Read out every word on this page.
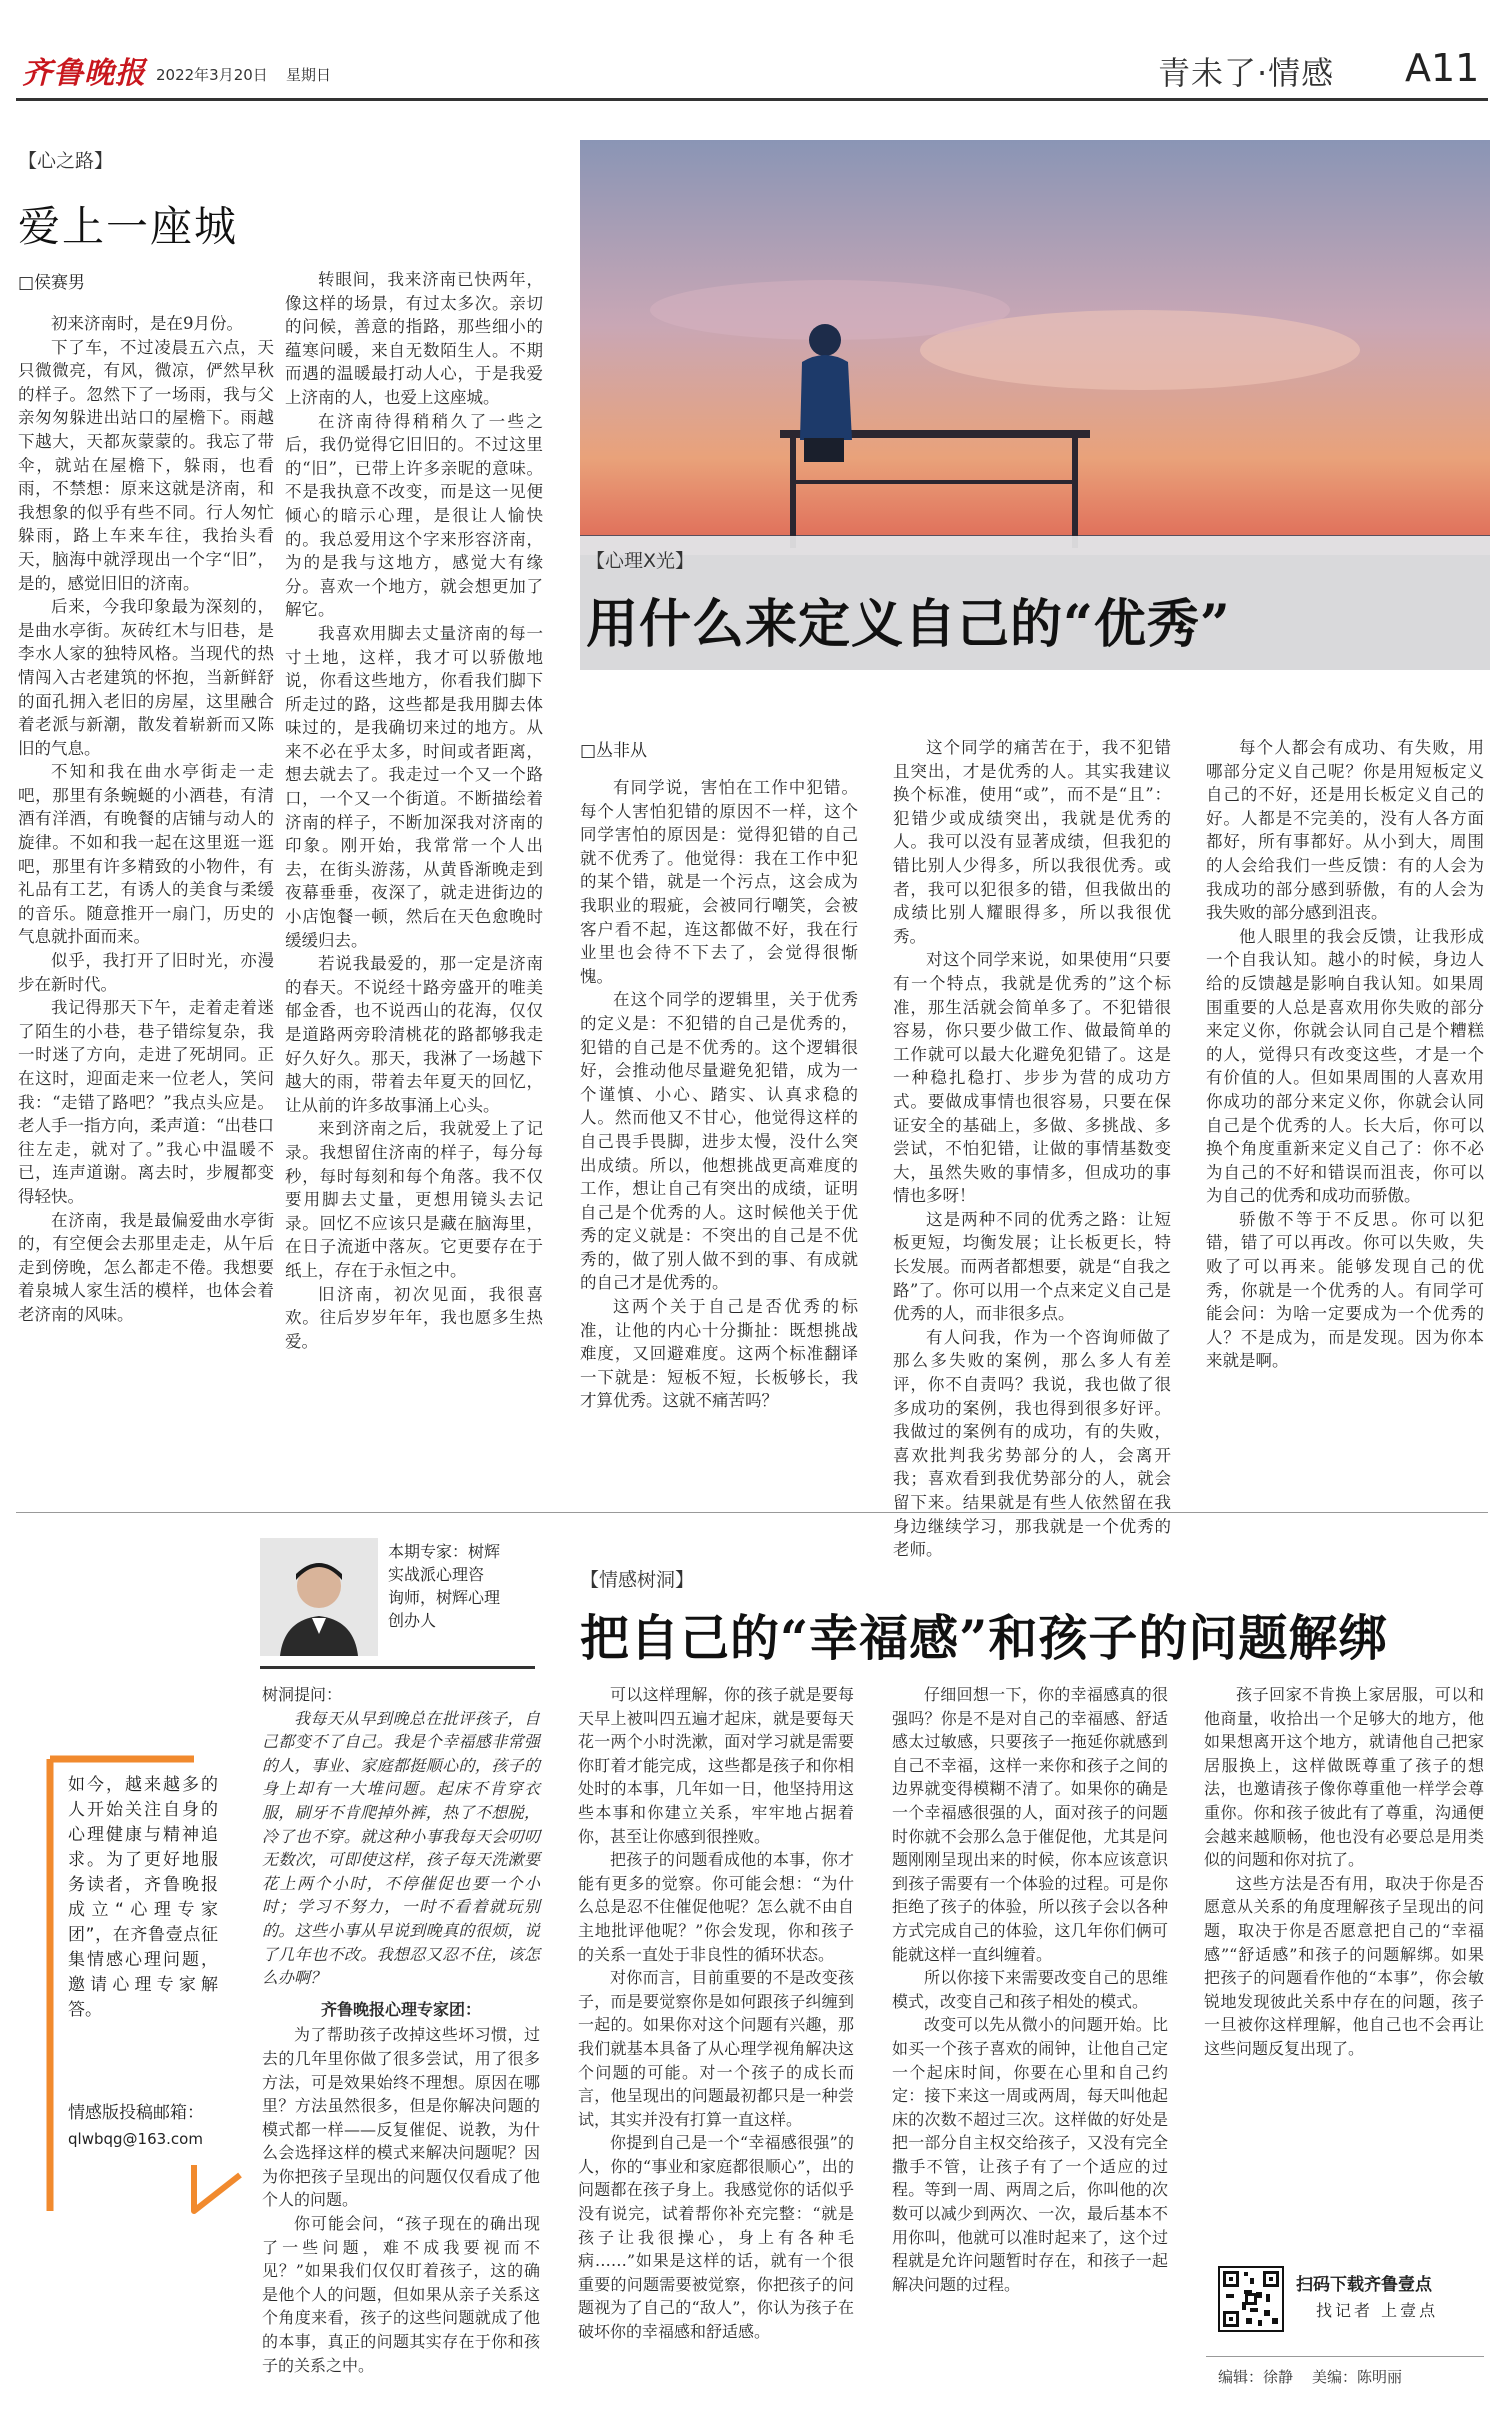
齐鲁晚报 2022年3月20日 星期日	青未了·情感 A11
【心之路】
爱上一座城
□侯赛男

初来济南时，是在9月份。

下了车，不过凌晨五六点，天只微微亮，有风，微凉，俨然早秋的样子。忽然下了一场雨，我与父亲匆匆躲进出站口的屋檐下。雨越下越大，天都灰蒙蒙的。我忘了带伞，就站在屋檐下，躲雨，也看雨，不禁想：原来这就是济南，和我想象的似乎有些不同。行人匆忙躲雨，路上车来车往，我抬头看天，脑海中就浮现出一个字“旧”，是的，感觉旧旧的济南。

后来，今我印象最为深刻的，是曲水亭街。灰砖红木与旧巷，是李水人家的独特风格。当现代的热情闯入古老建筑的怀抱，当新鲜舒的面孔拥入老旧的房屋，这里融合着老派与新潮，散发着崭新而又陈旧的气息。

不知和我在曲水亭街走一走吧，那里有条蜿蜒的小酒巷，有清酒有洋酒，有晚餐的店铺与动人的旋律。不如和我一起在这里逛一逛吧，那里有许多精致的小物件，有礼品有工艺，有诱人的美食与柔缓的音乐。随意推开一扇门，历史的气息就扑面而来。

似乎，我打开了旧时光，亦漫步在新时代。

我记得那天下午，走着走着迷了陌生的小巷，巷子错综复杂，我一时迷了方向，走进了死胡同。正在这时，迎面走来一位老人，笑问我：“走错了路吧？”我点头应是。老人手一指方向，柔声道：“出巷口往左走，就对了。”我心中温暖不已，连声道谢。离去时，步履都变得轻快。

在济南，我是最偏爱曲水亭街的，有空便会去那里走走，从午后走到傍晚，怎么都走不倦。我想要着泉城人家生活的模样，也体会着老济南的风味。

转眼间，我来济南已快两年，像这样的场景，有过太多次。亲切的问候，善意的指路，那些细小的蕴寒问暖，来自无数陌生人。不期而遇的温暖最打动人心，于是我爱上济南的人，也爱上这座城。

在济南待得稍稍久了一些之后，我仍觉得它旧旧的。不过这里的“旧”，已带上许多亲昵的意味。不是我执意不改变，而是这一见便倾心的暗示心理，是很让人愉快的。我总爱用这个字来形容济南，为的是我与这地方，感觉大有缘分。喜欢一个地方，就会想更加了解它。

我喜欢用脚去丈量济南的每一寸土地，这样，我才可以骄傲地说，你看这些地方，你看我们脚下所走过的路，这些都是我用脚去体味过的，是我确切来过的地方。从来不必在乎太多，时间或者距离，想去就去了。我走过一个又一个路口，一个又一个街道。不断描绘着济南的样子，不断加深我对济南的印象。刚开始，我常常一个人出去，在街头游荡，从黄昏渐晚走到夜幕垂垂，夜深了，就走进街边的小店饱餐一顿，然后在天色愈晚时缓缓归去。

若说我最爱的，那一定是济南的春天。不说经十路旁盛开的唯美郁金香，也不说西山的花海，仅仅是道路两旁聆清桃花的路都够我走好久好久。那天，我淋了一场越下越大的雨，带着去年夏天的回忆，让从前的许多故事涌上心头。

来到济南之后，我就爱上了记录。我想留住济南的样子，每分每秒，每时每刻和每个角落。我不仅要用脚去丈量，更想用镜头去记录。回忆不应该只是藏在脑海里，在日子流逝中落灰。它更要存在于纸上，存在于永恒之中。

旧济南，初次见面，我很喜欢。往后岁岁年年，我也愿多生热爱。

【心理X光】
用什么来定义自己的“优秀”
□丛非从

有同学说，害怕在工作中犯错。每个人害怕犯错的原因不一样，这个同学害怕的原因是：觉得犯错的自己就不优秀了。他觉得：我在工作中犯的某个错，就是一个污点，这会成为我职业的瑕疵，会被同行嘲笑，会被客户看不起，连这都做不好，我在行业里也会待不下去了，会觉得很惭愧。

在这个同学的逻辑里，关于优秀的定义是：不犯错的自己是优秀的，犯错的自己是不优秀的。这个逻辑很好，会推动他尽量避免犯错，成为一个谨慎、小心、踏实、认真求稳的人。然而他又不甘心，他觉得这样的自己畏手畏脚，进步太慢，没什么突出成绩。所以，他想挑战更高难度的工作，想让自己有突出的成绩，证明自己是个优秀的人。这时候他关于优秀的定义就是：不突出的自己是不优秀的，做了别人做不到的事、有成就的自己才是优秀的。

这两个关于自己是否优秀的标准，让他的内心十分撕扯：既想挑战难度，又回避难度。这两个标准翻译一下就是：短板不短，长板够长，我才算优秀。这就不痛苦吗？

这个同学的痛苦在于，我不犯错且突出，才是优秀的人。其实我建议换个标准，使用“或”，而不是“且”：犯错少或成绩突出，我就是优秀的人。我可以没有显著成绩，但我犯的错比别人少得多，所以我很优秀。或者，我可以犯很多的错，但我做出的成绩比别人耀眼得多，所以我很优秀。

对这个同学来说，如果使用“只要有一个特点，我就是优秀的”这个标准，那生活就会简单多了。不犯错很容易，你只要少做工作、做最简单的工作就可以最大化避免犯错了。这是一种稳扎稳打、步步为营的成功方式。要做成事情也很容易，只要在保证安全的基础上，多做、多挑战、多尝试，不怕犯错，让做的事情基数变大，虽然失败的事情多，但成功的事情也多呀！

这是两种不同的优秀之路：让短板更短，均衡发展；让长板更长，特长发展。而两者都想要，就是“自我之路”了。你可以用一个点来定义自己是优秀的人，而非很多点。

有人问我，作为一个咨询师做了那么多失败的案例，那么多人有差评，你不自责吗？我说，我也做了很多成功的案例，我也得到很多好评。我做过的案例有的成功，有的失败，喜欢批判我劣势部分的人，会离开我；喜欢看到我优势部分的人，就会留下来。结果就是有些人依然留在我身边继续学习，那我就是一个优秀的老师。

每个人都会有成功、有失败，用哪部分定义自己呢？你是用短板定义自己的不好，还是用长板定义自己的好。人都是不完美的，没有人各方面都好，所有事都好。从小到大，周围的人会给我们一些反馈：有的人会为我成功的部分感到骄傲，有的人会为我失败的部分感到沮丧。

他人眼里的我会反馈，让我形成一个自我认知。越小的时候，身边人给的反馈越是影响自我认知。如果周围重要的人总是喜欢用你失败的部分来定义你，你就会认同自己是个糟糕的人，觉得只有改变这些，才是一个有价值的人。但如果周围的人喜欢用你成功的部分来定义你，你就会认同自己是个优秀的人。长大后，你可以换个角度重新来定义自己了：你不必为自己的不好和错误而沮丧，你可以为自己的优秀和成功而骄傲。

骄傲不等于不反思。你可以犯错，错了可以再改。你可以失败，失败了可以再来。能够发现自己的优秀，你就是一个优秀的人。有同学可能会问：为啥一定要成为一个优秀的人？不是成为，而是发现。因为你本来就是啊。

本期专家：树辉
实战派心理咨
询师，树辉心理
创办人
如今，越来越多的人开始关注自身的心理健康与精神追求。为了更好地服务读者，齐鲁晚报成立“心理专家团”，在齐鲁壹点征集情感心理问题，邀请心理专家解答。
情感版投稿邮箱：
qlwbqg@163.com
【情感树洞】
把自己的“幸福感”和孩子的问题解绑

树洞提问：

我每天从早到晚总在批评孩子，自己都变不了自己。我是个幸福感非常强的人，事业、家庭都挺顺心的，孩子的身上却有一大堆问题。起床不肯穿衣服，刷牙不肯爬掉外裤，热了不想脱，冷了也不穿。就这种小事我每天会叨叨无数次，可即使这样，孩子每天洗漱要花上两个小时，不停催促也要一个小时；学习不努力，一时不看着就玩别的。这些小事从早说到晚真的很烦，说了几年也不改。我想忍又忍不住，该怎么办啊？

齐鲁晚报心理专家团：

为了帮助孩子改掉这些坏习惯，过去的几年里你做了很多尝试，用了很多方法，可是效果始终不理想。原因在哪里？方法虽然很多，但是你解决问题的模式都一样——反复催促、说教，为什么会选择这样的模式来解决问题呢？因为你把孩子呈现出的问题仅仅看成了他个人的问题。

你可能会问，“孩子现在的确出现了一些问题，难不成我要视而不见？”如果我们仅仅盯着孩子，这的确是他个人的问题，但如果从亲子关系这个角度来看，孩子的这些问题就成了他的本事，真正的问题其实存在于你和孩子的关系之中。

可以这样理解，你的孩子就是要每天早上被叫四五遍才起床，就是要每天花一两个小时洗漱，面对学习就是需要你盯着才能完成，这些都是孩子和你相处时的本事，几年如一日，他坚持用这些本事和你建立关系，牢牢地占据着你，甚至让你感到很挫败。

把孩子的问题看成他的本事，你才能有更多的觉察。你可能会想：“为什么总是忍不住催促他呢？怎么就不由自主地批评他呢？”你会发现，你和孩子的关系一直处于非良性的循环状态。

对你而言，目前重要的不是改变孩子，而是要觉察你是如何跟孩子纠缠到一起的。如果你对这个问题有兴趣，那我们就基本具备了从心理学视角解决这个问题的可能。对一个孩子的成长而言，他呈现出的问题最初都只是一种尝试，其实并没有打算一直这样。

你提到自己是一个“幸福感很强”的人，你的“事业和家庭都很顺心”，出的问题都在孩子身上。我感觉你的话似乎没有说完，试着帮你补充完整：“就是孩子让我很操心，身上有各种毛病……”如果是这样的话，就有一个很重要的问题需要被觉察，你把孩子的问题视为了自己的“敌人”，你认为孩子在破坏你的幸福感和舒适感。

仔细回想一下，你的幸福感真的很强吗？你是不是对自己的幸福感、舒适感太过敏感，只要孩子一拖延你就感到自己不幸福，这样一来你和孩子之间的边界就变得模糊不清了。如果你的确是一个幸福感很强的人，面对孩子的问题时你就不会那么急于催促他，尤其是问题刚刚呈现出来的时候，你本应该意识到孩子需要有一个体验的过程。可是你拒绝了孩子的体验，所以孩子会以各种方式完成自己的体验，这几年你们俩可能就这样一直纠缠着。

所以你接下来需要改变自己的思维模式，改变自己和孩子相处的模式。

改变可以先从微小的问题开始。比如买一个孩子喜欢的闹钟，让他自己定一个起床时间，你要在心里和自己约定：接下来这一周或两周，每天叫他起床的次数不超过三次。这样做的好处是把一部分自主权交给孩子，又没有完全撒手不管，让孩子有了一个适应的过程。等到一周、两周之后，你叫他的次数可以减少到两次、一次，最后基本不用你叫，他就可以准时起来了，这个过程就是允许问题暂时存在，和孩子一起解决问题的过程。

孩子回家不肯换上家居服，可以和他商量，收拾出一个足够大的地方，他如果想离开这个地方，就请他自己把家居服换上，这样做既尊重了孩子的想法，也邀请孩子像你尊重他一样学会尊重你。你和孩子彼此有了尊重，沟通便会越来越顺畅，他也没有必要总是用类似的问题和你对抗了。

这些方法是否有用，取决于你是否愿意从关系的角度理解孩子呈现出的问题，取决于你是否愿意把自己的“幸福感”“舒适感”和孩子的问题解绑。如果把孩子的问题看作他的“本事”，你会敏锐地发现彼此关系中存在的问题，孩子一旦被你这样理解，他自己也不会再让这些问题反复出现了。

扫码下载齐鲁壹点
找记者 上壹点
编辑：徐静 美编：陈明丽
